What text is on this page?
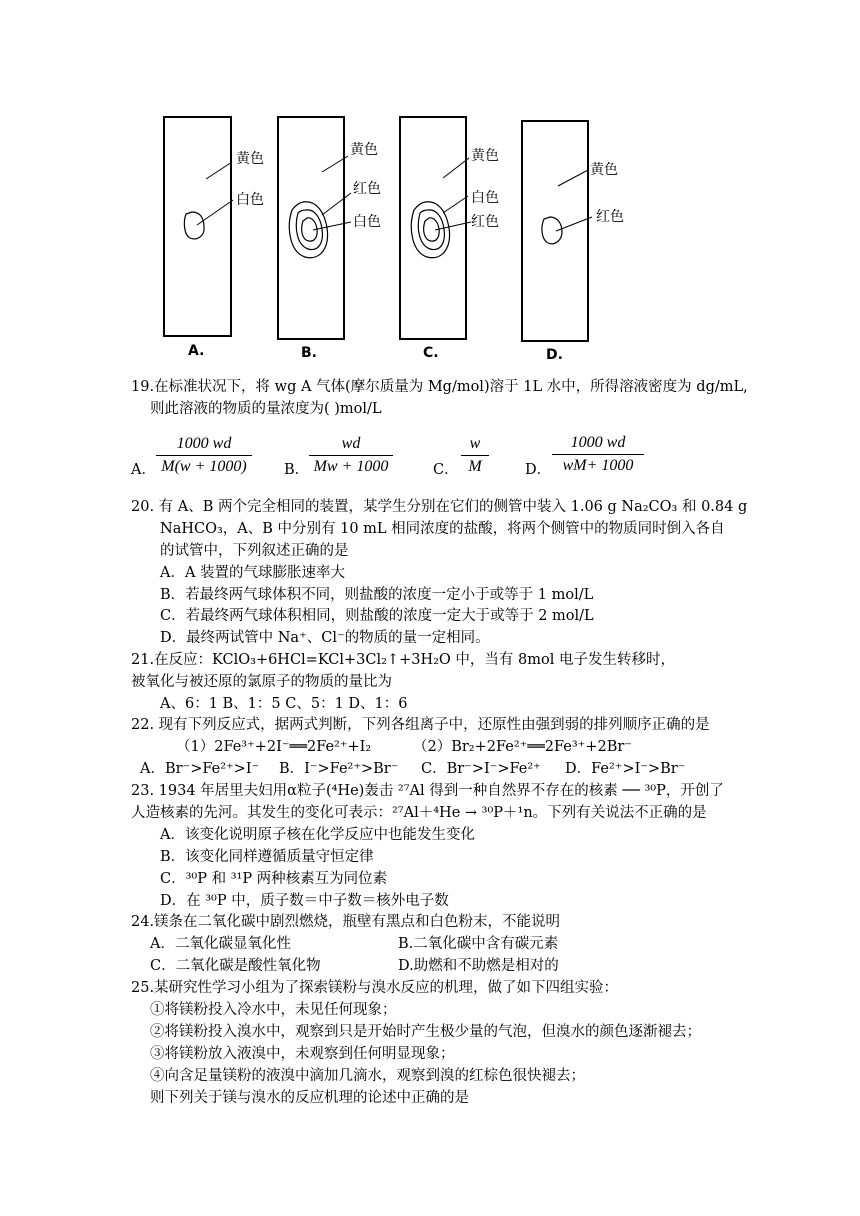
黄色
白色
A.
黄色
红色
白色
B.
黄色
白色
红色
C.
黄色
红色
D.
19.在标准状况下，将 wg A 气体(摩尔质量为 Mg/mol)溶于 1L 水中，所得溶液密度为 dg/mL,
则此溶液的物质的量浓度为( )mol/L
A．
1000 wd
M(w + 1000)	B．
wd
Mw + 1000	C．
w
M	D．
1000 wd
wM+ 1000
20. 有 A、B 两个完全相同的装置，某学生分别在它们的侧管中装入 1.06 g Na₂CO₃ 和 0.84 g
NaHCO₃，A、B 中分别有 10 mL 相同浓度的盐酸，将两个侧管中的物质同时倒入各自
的试管中，下列叙述正确的是
A．A 装置的气球膨胀速率大
B．若最终两气球体积不同，则盐酸的浓度一定小于或等于 1 mol/L
C．若最终两气球体积相同，则盐酸的浓度一定大于或等于 2 mol/L
D．最终两试管中 Na⁺、Cl⁻的物质的量一定相同。
21.在反应：KClO₃+6HCl=KCl+3Cl₂↑+3H₂O 中，当有 8mol 电子发生转移时，
被氧化与被还原的氯原子的物质的量比为
A、6：1 B、1：5 C、5：1 D、1：6
22. 现有下列反应式，据两式判断，下列各组离子中，还原性由强到弱的排列顺序正确的是
（1）2Fe³⁺+2I⁻══2Fe²⁺+I₂	（2）Br₂+2Fe²⁺══2Fe³⁺+2Br⁻
A．Br⁻>Fe²⁺>I⁻ B．I⁻>Fe²⁺>Br⁻ C．Br⁻>I⁻>Fe²⁺ D．Fe²⁺>I⁻>Br⁻
23. 1934 年居里夫妇用α粒子(⁴He)轰击 ²⁷Al 得到一种自然界不存在的核素 ── ³⁰P，开创了
人造核素的先河。其发生的变化可表示：²⁷Al＋⁴He → ³⁰P＋¹n。下列有关说法不正确的是
A．该变化说明原子核在化学反应中也能发生变化
B．该变化同样遵循质量守恒定律
C．³⁰P 和 ³¹P 两种核素互为同位素
D．在 ³⁰P 中，质子数＝中子数＝核外电子数
24.镁条在二氧化碳中剧烈燃烧，瓶壁有黑点和白色粉末，不能说明
A．二氧化碳显氧化性	B.二氧化碳中含有碳元素
C．二氧化碳是酸性氧化物	D.助燃和不助燃是相对的
25.某研究性学习小组为了探索镁粉与溴水反应的机理，做了如下四组实验：
①将镁粉投入冷水中，未见任何现象；
②将镁粉投入溴水中，观察到只是开始时产生极少量的气泡，但溴水的颜色逐渐褪去；
③将镁粉放入液溴中，未观察到任何明显现象；
④向含足量镁粉的液溴中滴加几滴水，观察到溴的红棕色很快褪去；
则下列关于镁与溴水的反应机理的论述中正确的是
